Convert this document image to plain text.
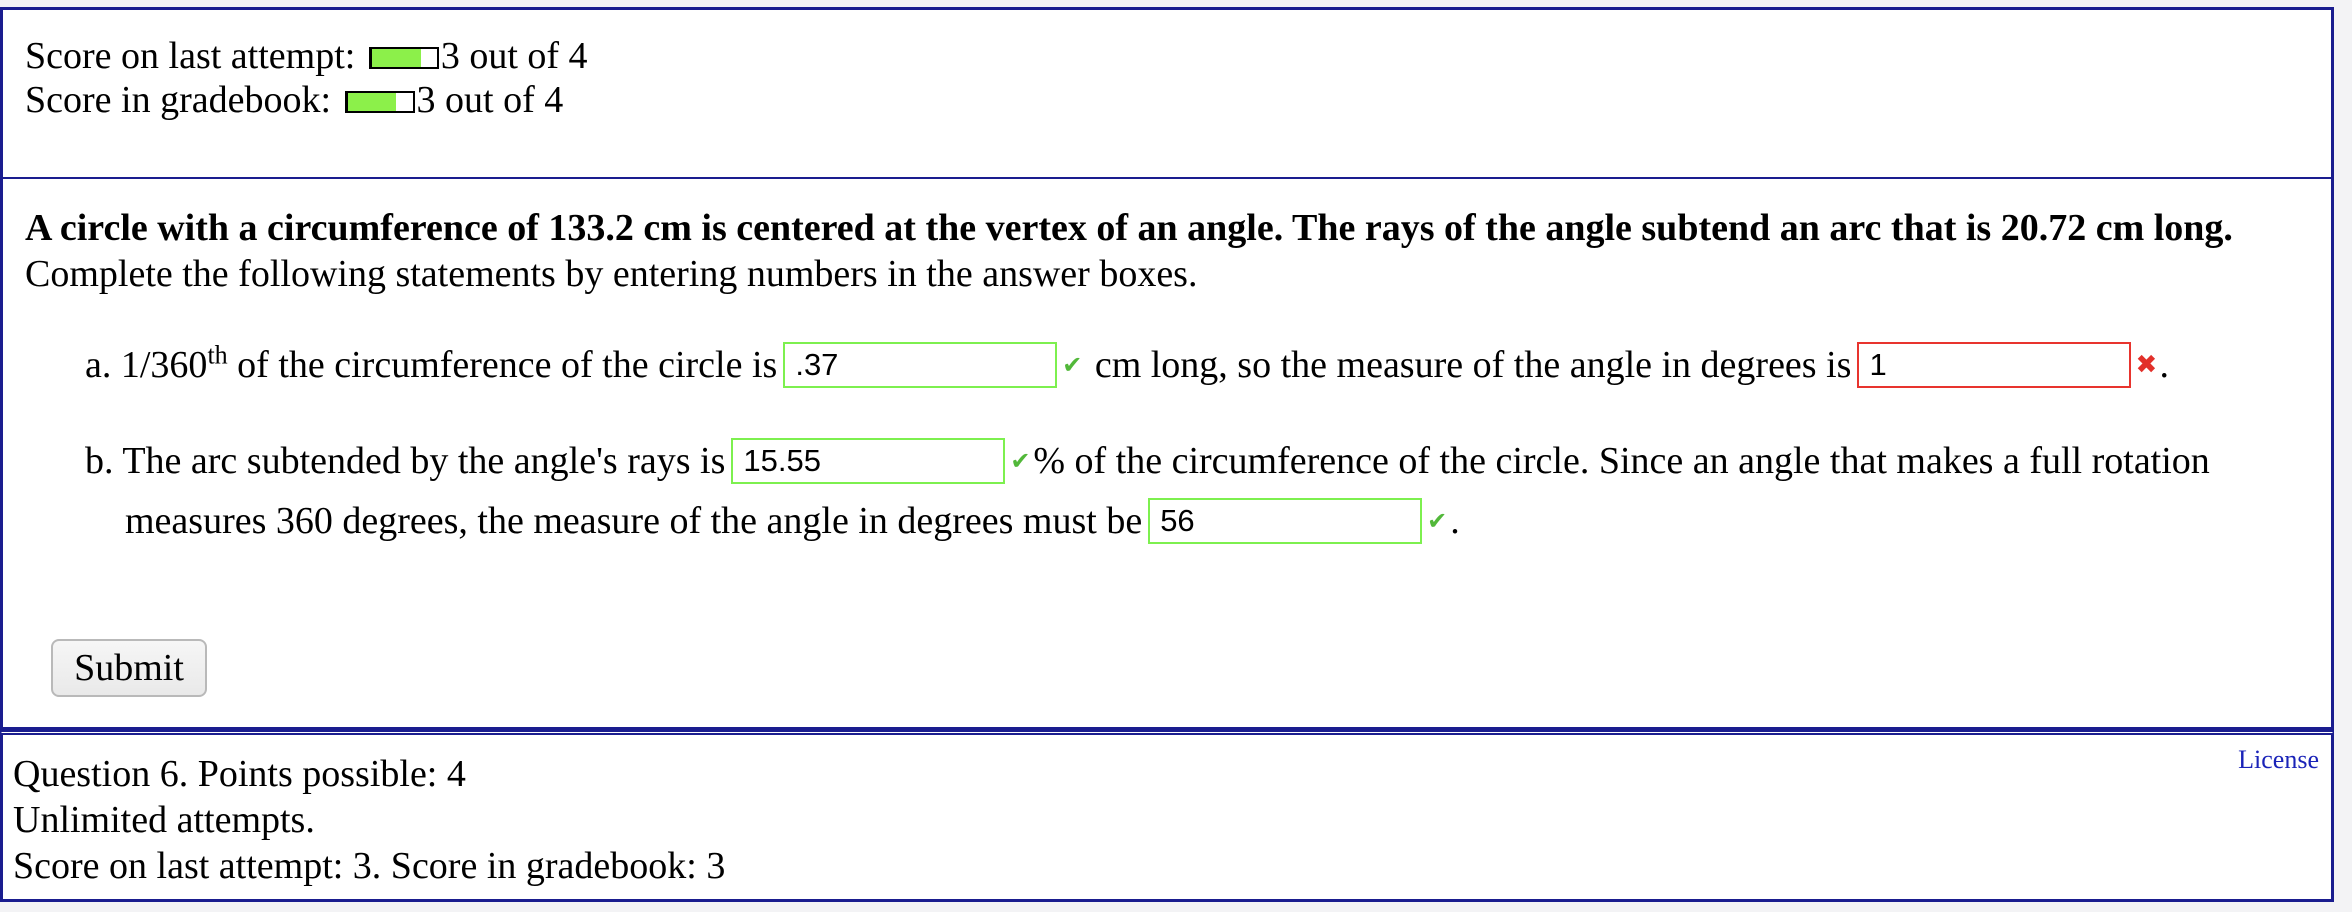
Score on last attempt: 3 out of 4
Score in gradebook: 3 out of 4
A circle with a circumference of 133.2 cm is centered at the vertex of an angle. The rays of the angle subtend an arc that is 20.72 cm long. Complete the following statements by entering numbers in the answer boxes.
a. 1/360th of the circumference of the circle is .37	✔ cm long, so the measure of the angle in degrees is 1	✖.
b. The arc subtended by the angle's rays is 15.55	✔% of the circumference of the circle. Since an angle that makes a full rotation
measures 360 degrees, the measure of the angle in degrees must be 56	✔.
Submit
Question 6. Points possible: 4
Unlimited attempts.
Score on last attempt: 3. Score in gradebook: 3
License
